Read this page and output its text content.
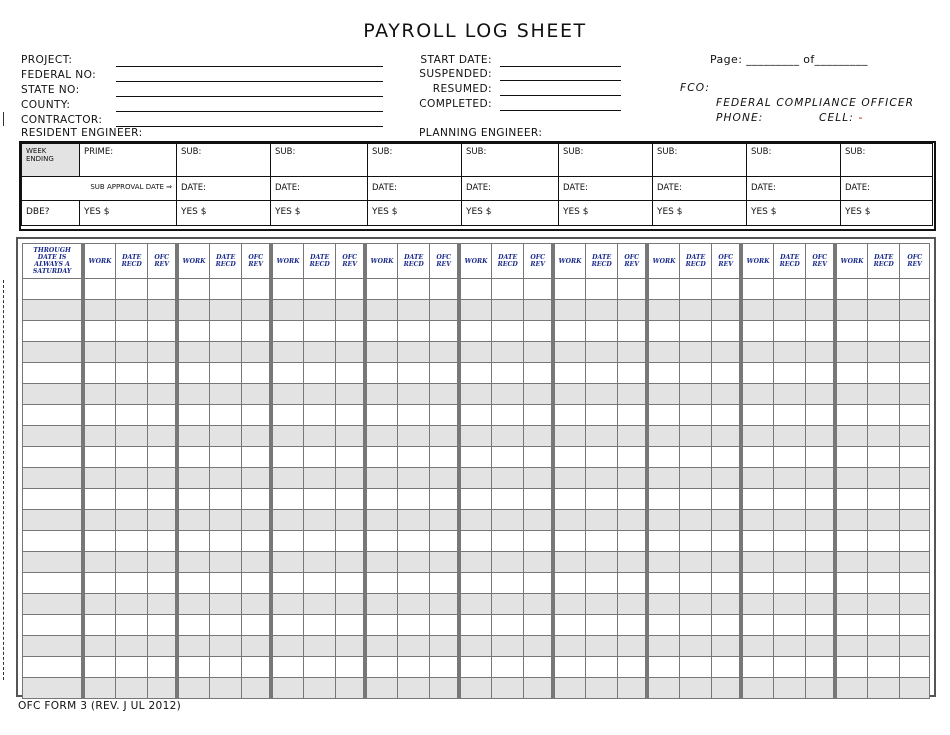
PAYROLL LOG SHEET
PROJECT:
FEDERAL NO:
STATE NO:
COUNTY:
CONTRACTOR:
RESIDENT ENGINEER:
START DATE:
SUSPENDED:
RESUMED:
COMPLETED:
PLANNING ENGINEER:
Page: _________ of_________
FCO:
FEDERAL COMPLIANCE OFFICER
PHONE:	CELL: -
WEEK ENDING	PRIME:	SUB:	SUB:	SUB:	SUB:	SUB:	SUB:	SUB:	SUB:
SUB APPROVAL DATE ⇒		DATE:	DATE:	DATE:	DATE:	DATE:	DATE:	DATE:	DATE:
DBE?	YES $	YES $	YES $	YES $	YES $	YES $	YES $	YES $	YES $
THROUGH DATE IS ALWAYS A SATURDAY	WORK	DATE RECD	OFC REV	WORK	DATE RECD	OFC REV	WORK	DATE RECD	OFC REV	WORK	DATE RECD	OFC REV	WORK	DATE RECD	OFC REV	WORK	DATE RECD	OFC REV	WORK	DATE RECD	OFC REV	WORK	DATE RECD	OFC REV	WORK	DATE RECD	OFC REV

OFC FORM 3 (REV. J UL 2012)
